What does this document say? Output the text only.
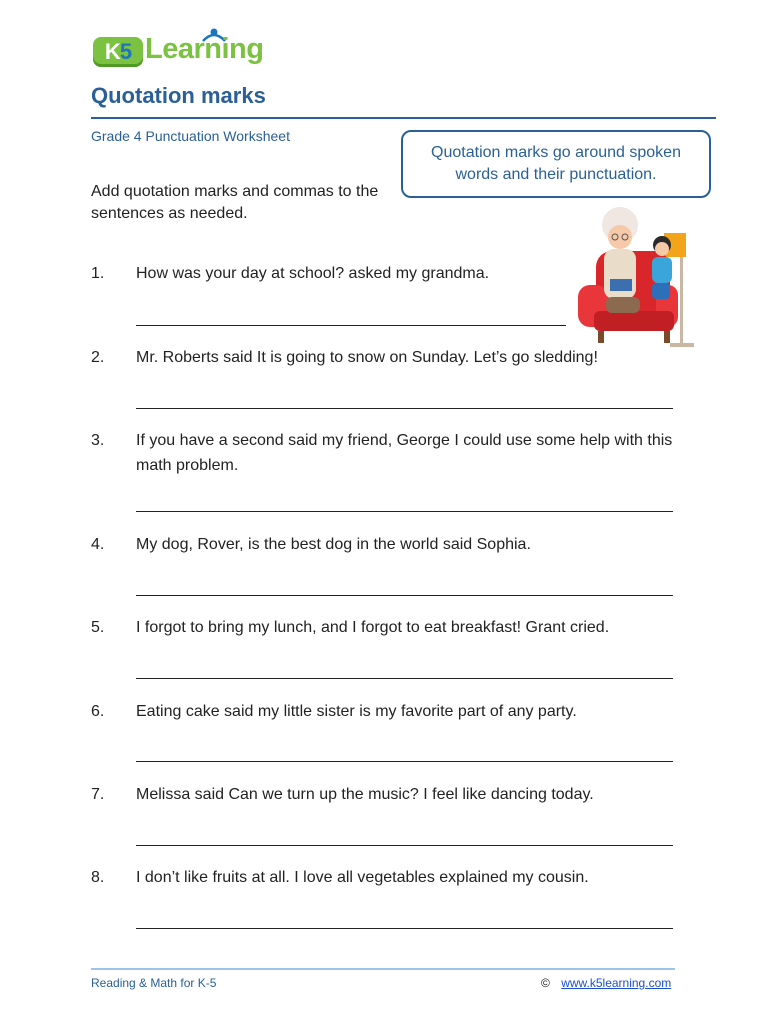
K5 Learning
Quotation marks
Grade 4 Punctuation Worksheet
Quotation marks go around spoken words and their punctuation.
Add quotation marks and commas to the sentences as needed.
1.	How was your day at school? asked my grandma.
2.	Mr. Roberts said It is going to snow on Sunday. Let’s go sledding!
3.	If you have a second said my friend, George I could use some help with this math problem.
4.	My dog, Rover, is the best dog in the world said Sophia.
5.	I forgot to bring my lunch, and I forgot to eat breakfast! Grant cried.
6.	Eating cake said my little sister is my favorite part of any party.
7.	Melissa said Can we turn up the music? I feel like dancing today.
8.	I don’t like fruits at all. I love all vegetables explained my cousin.
Reading & Math for K-5	© www.k5learning.com
